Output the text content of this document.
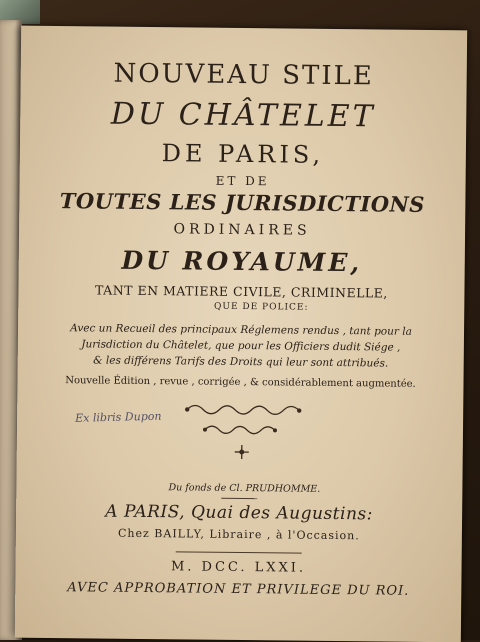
NOUVEAU STILE
DU CHÂTELET
DE PARIS,
ET DE
TOUTES LES JURISDICTIONS
ORDINAIRES
DU ROYAUME,
TANT EN MATIERE CIVILE, CRIMINELLE,
QUE DE POLICE:
Avec un Recueil des principaux Réglemens rendus , tant pour la
Jurisdiction du Châtelet, que pour les Officiers dudit Siége ,
& les différens Tarifs des Droits qui leur sont attribués.
Nouvelle Édition , revue , corrigée , & considérablement augmentée.
Ex libris Dupon
Du fonds de Cl. PRUDHOMME.
A PARIS, Quai des Augustins:
Chez BAILLY, Libraire , à l'Occasion.
M. DCC. LXXI.
AVEC APPROBATION ET PRIVILEGE DU ROI.
